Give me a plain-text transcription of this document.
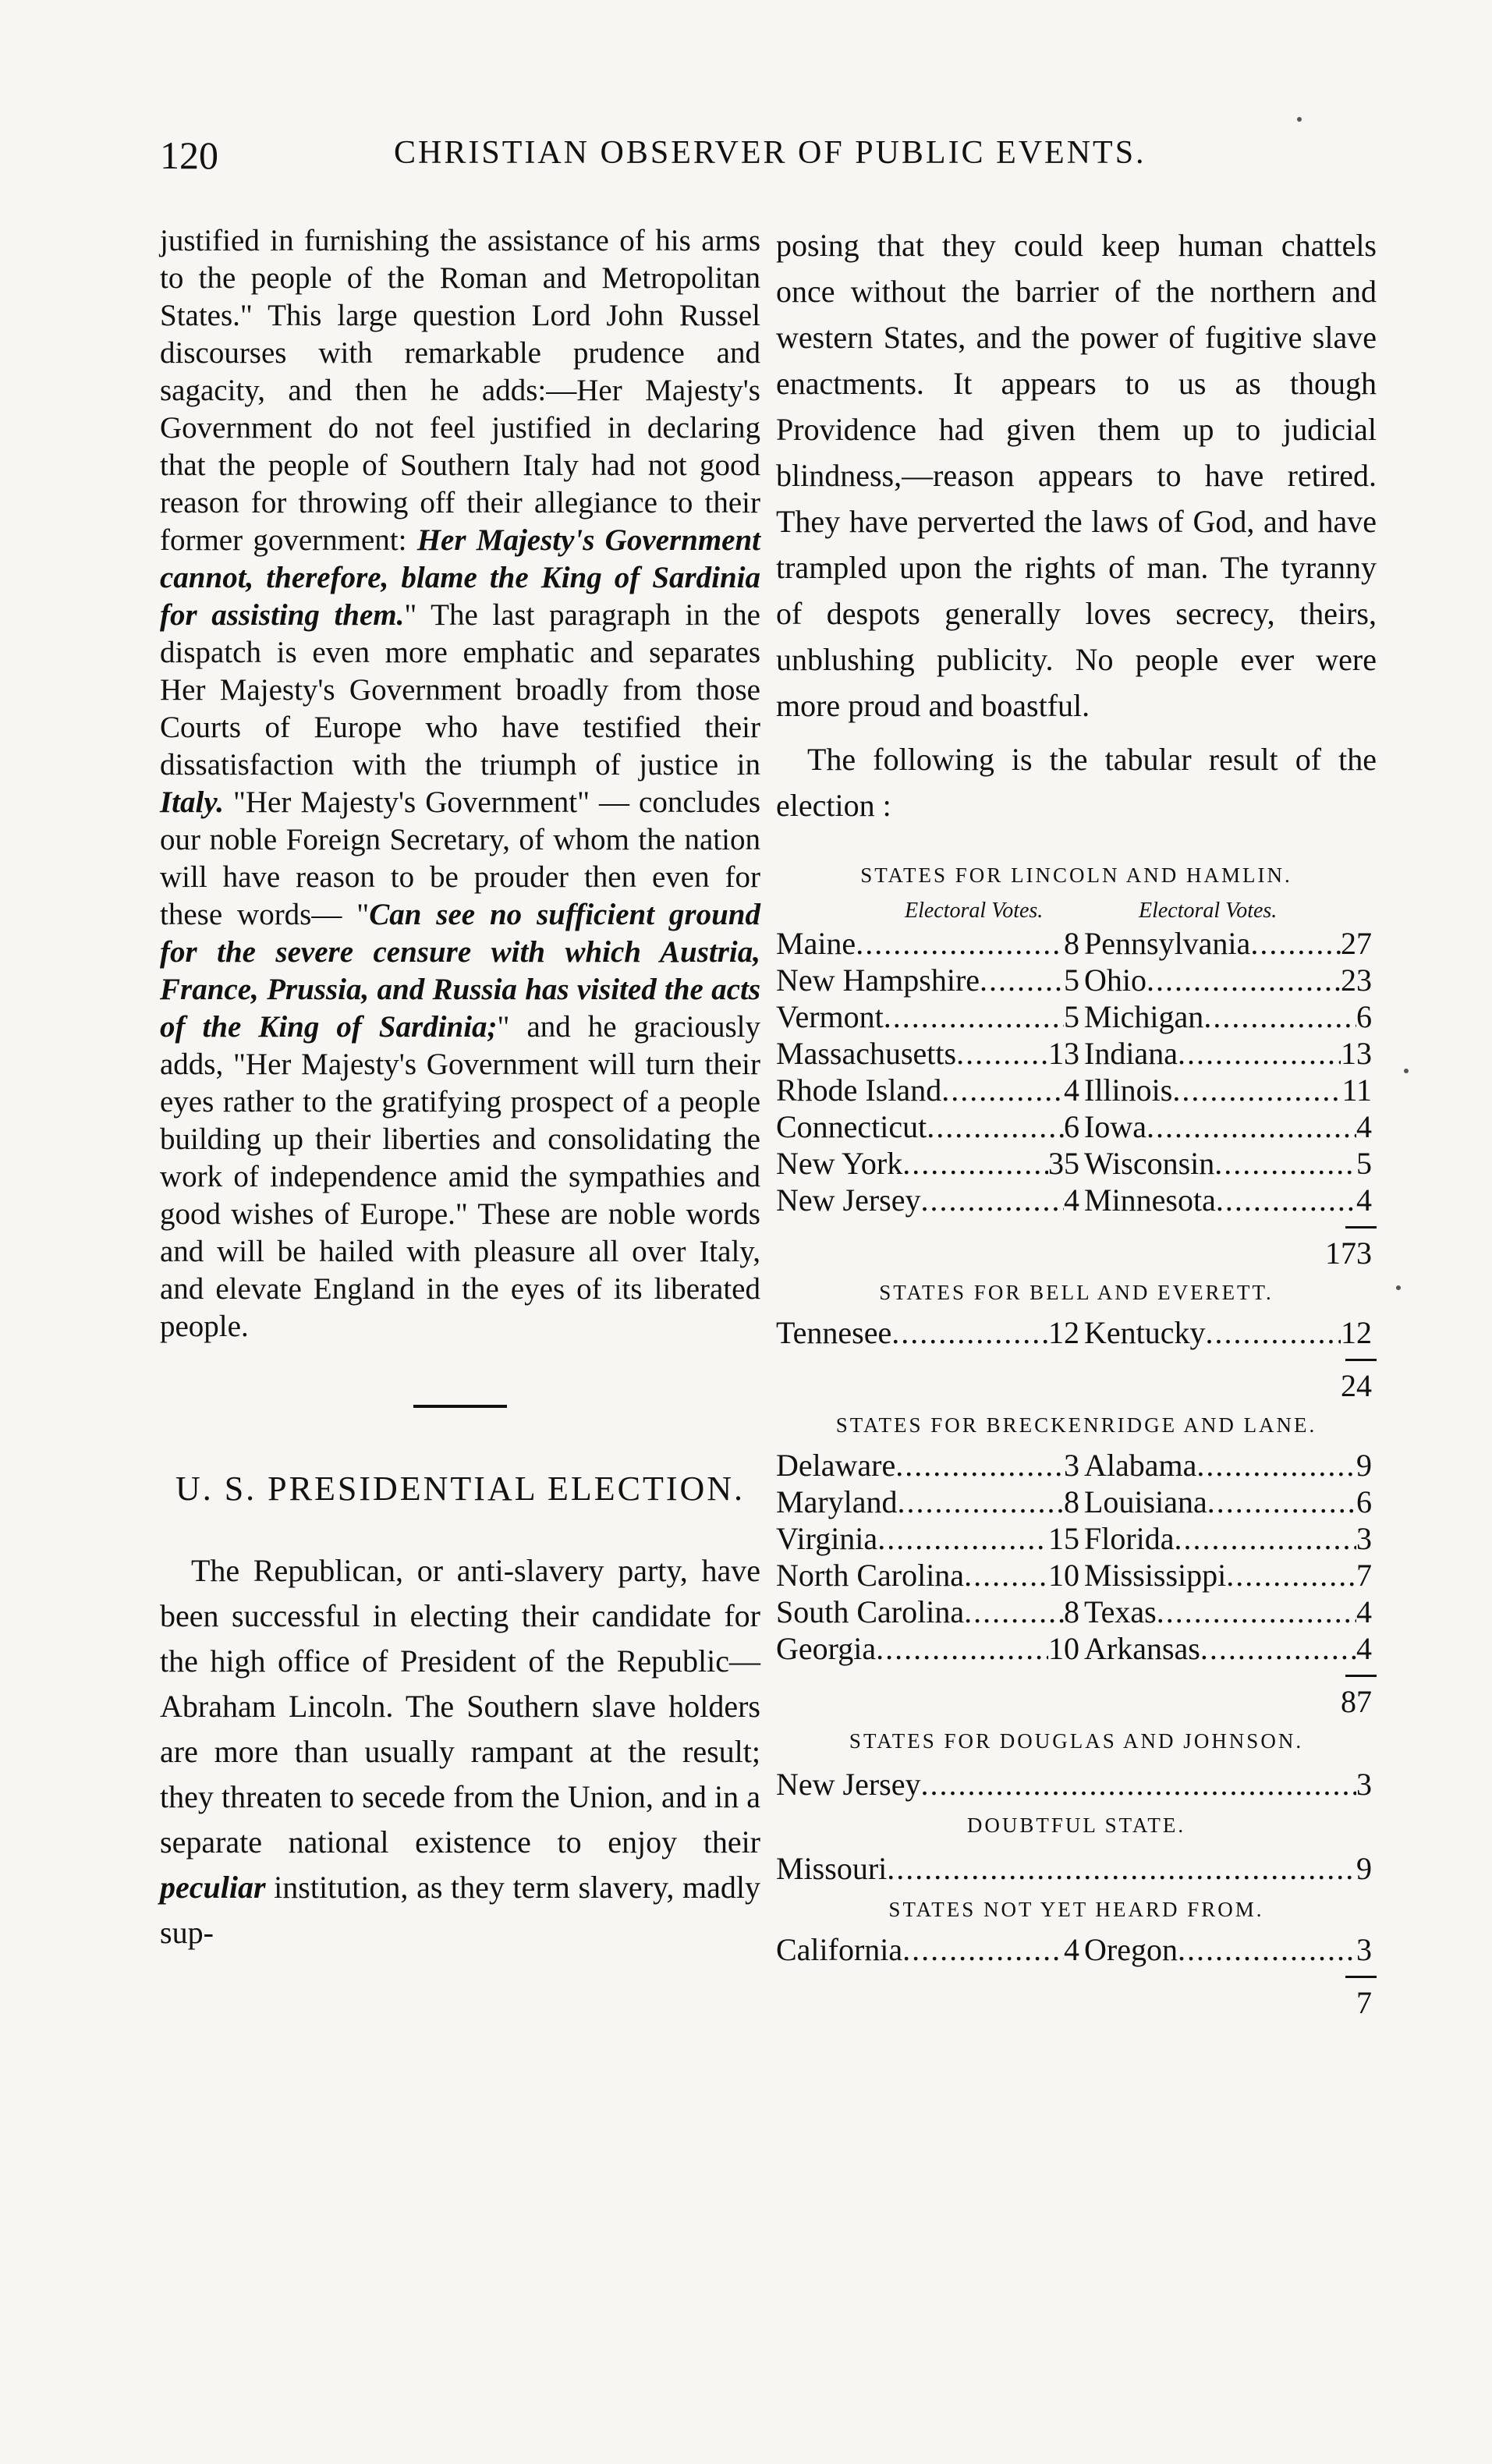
120	CHRISTIAN OBSERVER OF PUBLIC EVENTS.

justified in furnishing the assistance of his arms to the people of the Roman and Metropolitan States." This large question Lord John Russel discourses with remarkable prudence and sagacity, and then he adds:—Her Majesty's Government do not feel justified in declaring that the people of Southern Italy had not good reason for throwing off their allegiance to their former government: Her Majesty's Government cannot, therefore, blame the King of Sardinia for assisting them." The last paragraph in the dispatch is even more emphatic and separates Her Majesty's Government broadly from those Courts of Europe who have testified their dissatisfaction with the triumph of justice in Italy. "Her Majesty's Government" — concludes our noble Foreign Secretary, of whom the nation will have reason to be prouder then even for these words— "Can see no sufficient ground for the severe censure with which Austria, France, Prussia, and Russia has visited the acts of the King of Sardinia;" and he graciously adds, "Her Majesty's Government will turn their eyes rather to the gratifying prospect of a people building up their liberties and consolidating the work of independence amid the sympathies and good wishes of Europe." These are noble words and will be hailed with pleasure all over Italy, and elevate England in the eyes of its liberated people.

U. S. PRESIDENTIAL ELECTION.

The Republican, or anti-slavery party, have been successful in electing their candidate for the high office of President of the Republic—Abraham Lincoln. The Southern slave holders are more than usually rampant at the result; they threaten to secede from the Union, and in a separate national existence to enjoy their peculiar institution, as they term slavery, madly sup-

posing that they could keep human chattels once without the barrier of the northern and western States, and the power of fugitive slave enactments. It appears to us as though Providence had given them up to judicial blindness,—reason appears to have retired. They have perverted the laws of God, and have trampled upon the rights of man. The tyranny of despots generally loves secrecy, theirs, unblushing publicity. No people ever were more proud and boastful.

The following is the tabular result of the election :

STATES FOR LINCOLN AND HAMLIN.
Electoral Votes.	Electoral Votes.
Maine .....	8 Pennsylvania .....	27
New Hampshire .....	5 Ohio .....	23
Vermont .....	5 Michigan .....	6
Massachusetts .....	13 Indiana .....	13
Rhode Island .....	4 Illinois .....	11
Connecticut .....	6 Iowa .....	4
New York .....	35 Wisconsin .....	5
New Jersey .....	4 Minnesota .....	4
173
STATES FOR BELL AND EVERETT.
Tennesee .....	12 Kentucky .....	12
24
STATES FOR BRECKENRIDGE AND LANE.
Delaware .....	3 Alabama .....	9
Maryland .....	8 Louisiana .....	6
Virginia .....	15 Florida .....	3
North Carolina .....	10 Mississippi .....	7
South Carolina .....	8 Texas .....	4
Georgia .....	10 Arkansas .....	4
87
STATES FOR DOUGLAS AND JOHNSON.
New Jersey .....	3
DOUBTFUL STATE.
Missouri .....	9
STATES NOT YET HEARD FROM.
California .....	4 Oregon .....	3
7
